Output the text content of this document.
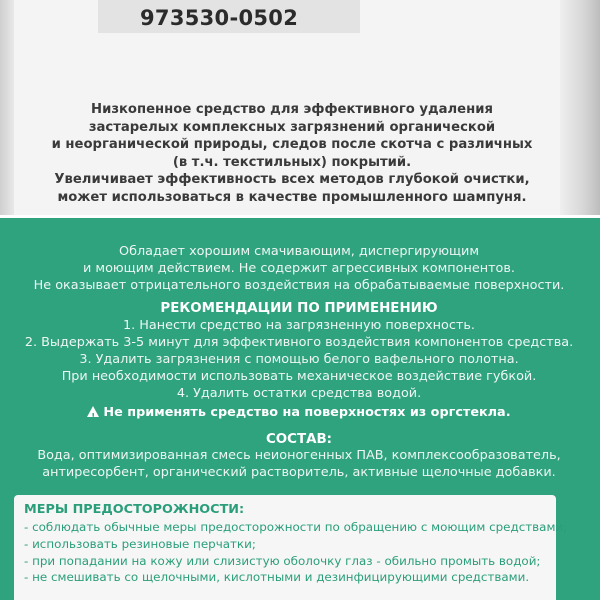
973530-0502
Низкопенное средство для эффективного удаления
застарелых комплексных загрязнений органической
и неорганической природы, следов после скотча с различных
(в т.ч. текстильных) покрытий.
Увеличивает эффективность всех методов глубокой очистки,
может использоваться в качестве промышленного шампуня.
Обладает хорошим смачивающим, диспергирующим
и моющим действием. Не содержит агрессивных компонентов.
Не оказывает отрицательного воздействия на обрабатываемые поверхности.
РЕКОМЕНДАЦИИ ПО ПРИМЕНЕНИЮ
1. Нанести средство на загрязненную поверхность.
2. Выдержать 3-5 минут для эффективного воздействия компонентов средства.
3. Удалить загрязнения с помощью белого вафельного полотна.
При необходимости использовать механическое воздействие губкой.
4. Удалить остатки средства водой.
! Не применять средство на поверхностях из оргстекла.
СОСТАВ:
Вода, оптимизированная смесь неионогенных ПАВ, комплексообразователь,
антиресорбент, органический растворитель, активные щелочные добавки.
МЕРЫ ПРЕДОСТОРОЖНОСТИ:
- соблюдать обычные меры предосторожности по обращению с моющим средствами;
- использовать резиновые перчатки;
- при попадании на кожу или слизистую оболочку глаз - обильно промыть водой;
- не смешивать со щелочными, кислотными и дезинфицирующими средствами.
